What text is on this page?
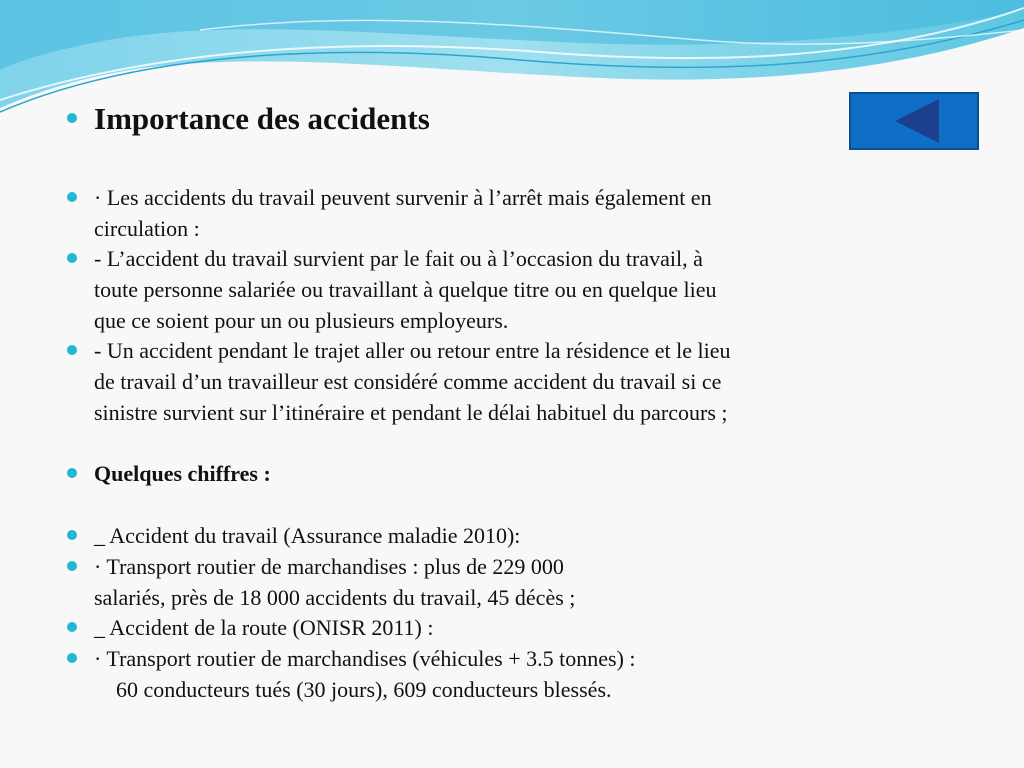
Importance des accidents
· Les accidents du travail peuvent survenir à l’arrêt mais également en
circulation :
- L’accident du travail survient par le fait ou à l’occasion du travail, à
toute personne salariée ou travaillant à quelque titre ou en quelque lieu
que ce soient pour un ou plusieurs employeurs.
- Un accident pendant le trajet aller ou retour entre la résidence et le lieu
de travail d’un travailleur est considéré comme accident du travail si ce
sinistre survient sur l’itinéraire et pendant le délai habituel du parcours ;
Quelques chiffres :
_ Accident du travail (Assurance maladie 2010):
· Transport routier de marchandises : plus de 229 000
salariés, près de 18 000 accidents du travail, 45 décès ;
_ Accident de la route (ONISR 2011) :
· Transport routier de marchandises (véhicules + 3.5 tonnes) :
60 conducteurs tués (30 jours), 609 conducteurs blessés.
